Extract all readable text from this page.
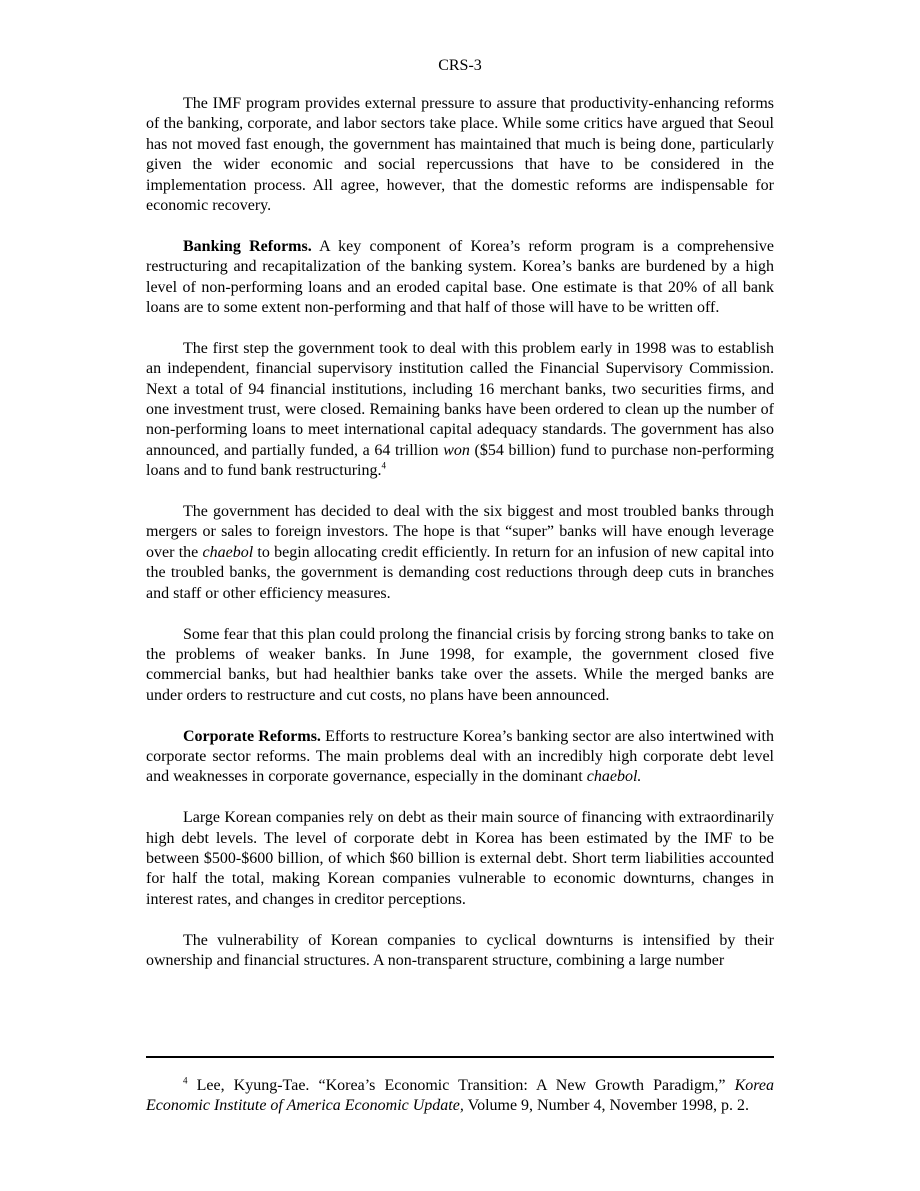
CRS-3

The IMF program provides external pressure to assure that productivity-enhancing reforms of the banking, corporate, and labor sectors take place. While some critics have argued that Seoul has not moved fast enough, the government has maintained that much is being done, particularly given the wider economic and social repercussions that have to be considered in the implementation process. All agree, however, that the domestic reforms are indispensable for economic recovery.

Banking Reforms. A key component of Korea’s reform program is a comprehensive restructuring and recapitalization of the banking system. Korea’s banks are burdened by a high level of non-performing loans and an eroded capital base. One estimate is that 20% of all bank loans are to some extent non-performing and that half of those will have to be written off.

The first step the government took to deal with this problem early in 1998 was to establish an independent, financial supervisory institution called the Financial Supervisory Commission. Next a total of 94 financial institutions, including 16 merchant banks, two securities firms, and one investment trust, were closed. Remaining banks have been ordered to clean up the number of non-performing loans to meet international capital adequacy standards. The government has also announced, and partially funded, a 64 trillion won ($54 billion) fund to purchase non-performing loans and to fund bank restructuring.$^4$

The government has decided to deal with the six biggest and most troubled banks through mergers or sales to foreign investors. The hope is that “super” banks will have enough leverage over the chaebol to begin allocating credit efficiently. In return for an infusion of new capital into the troubled banks, the government is demanding cost reductions through deep cuts in branches and staff or other efficiency measures.

Some fear that this plan could prolong the financial crisis by forcing strong banks to take on the problems of weaker banks. In June 1998, for example, the government closed five commercial banks, but had healthier banks take over the assets. While the merged banks are under orders to restructure and cut costs, no plans have been announced.

Corporate Reforms. Efforts to restructure Korea’s banking sector are also intertwined with corporate sector reforms. The main problems deal with an incredibly high corporate debt level and weaknesses in corporate governance, especially in the dominant chaebol.

Large Korean companies rely on debt as their main source of financing with extraordinarily high debt levels. The level of corporate debt in Korea has been estimated by the IMF to be between $500-$600 billion, of which $60 billion is external debt. Short term liabilities accounted for half the total, making Korean companies vulnerable to economic downturns, changes in interest rates, and changes in creditor perceptions.

The vulnerability of Korean companies to cyclical downturns is intensified by their ownership and financial structures. A non-transparent structure, combining a large number

$^4$ Lee, Kyung-Tae. “Korea’s Economic Transition: A New Growth Paradigm,” Korea Economic Institute of America Economic Update, Volume 9, Number 4, November 1998, p. 2.
